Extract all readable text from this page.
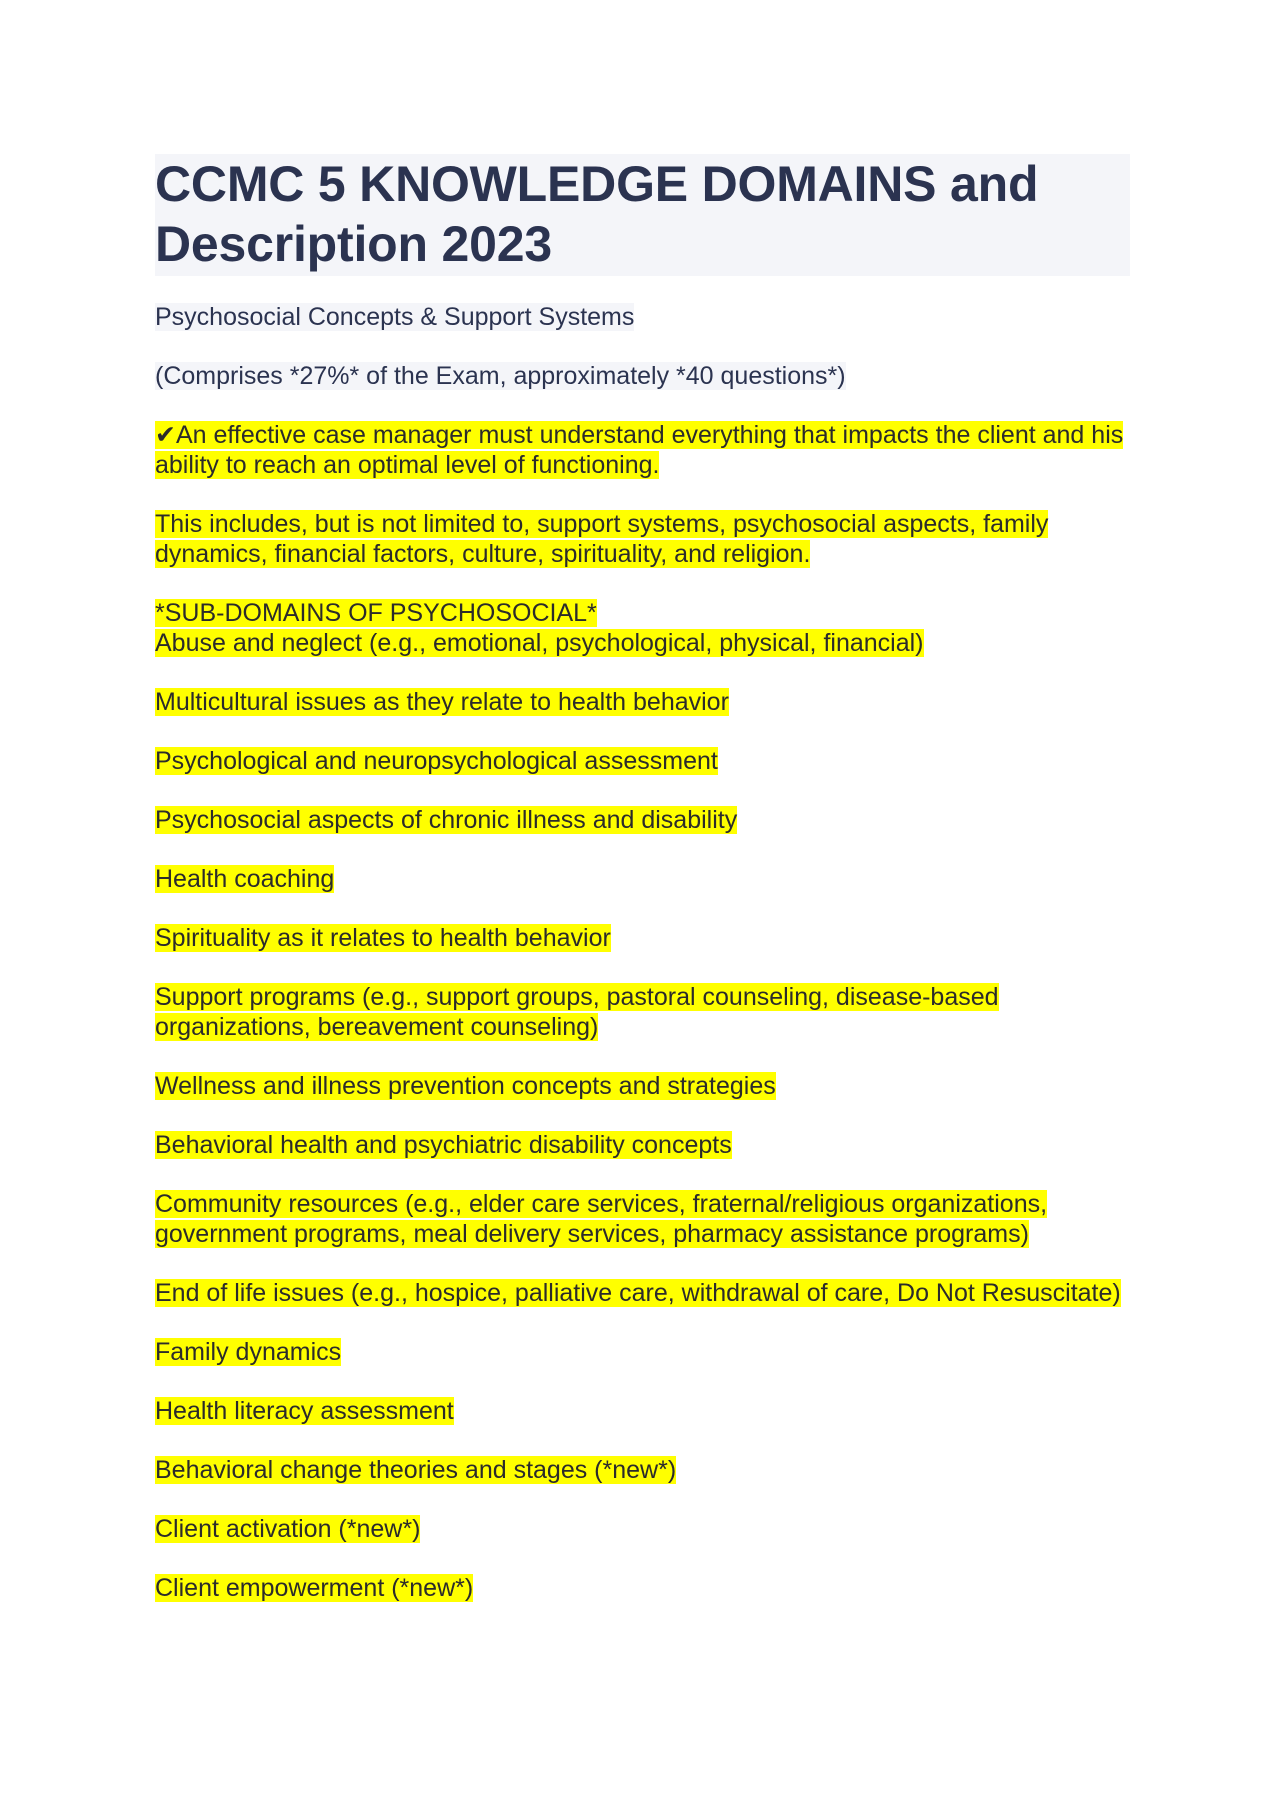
CCMC 5 KNOWLEDGE DOMAINS and Description 2023

Psychosocial Concepts & Support Systems

(Comprises *27%* of the Exam, approximately *40 questions*)

✔An effective case manager must understand everything that impacts the client and his ability to reach an optimal level of functioning.

This includes, but is not limited to, support systems, psychosocial aspects, family dynamics, financial factors, culture, spirituality, and religion.

*SUB-DOMAINS OF PSYCHOSOCIAL*
Abuse and neglect (e.g., emotional, psychological, physical, financial)

Multicultural issues as they relate to health behavior

Psychological and neuropsychological assessment

Psychosocial aspects of chronic illness and disability

Health coaching

Spirituality as it relates to health behavior

Support programs (e.g., support groups, pastoral counseling, disease-based organizations, bereavement counseling)

Wellness and illness prevention concepts and strategies

Behavioral health and psychiatric disability concepts

Community resources (e.g., elder care services, fraternal/religious organizations, government programs, meal delivery services, pharmacy assistance programs)

End of life issues (e.g., hospice, palliative care, withdrawal of care, Do Not Resuscitate)

Family dynamics

Health literacy assessment

Behavioral change theories and stages (*new*)

Client activation (*new*)

Client empowerment (*new*)
